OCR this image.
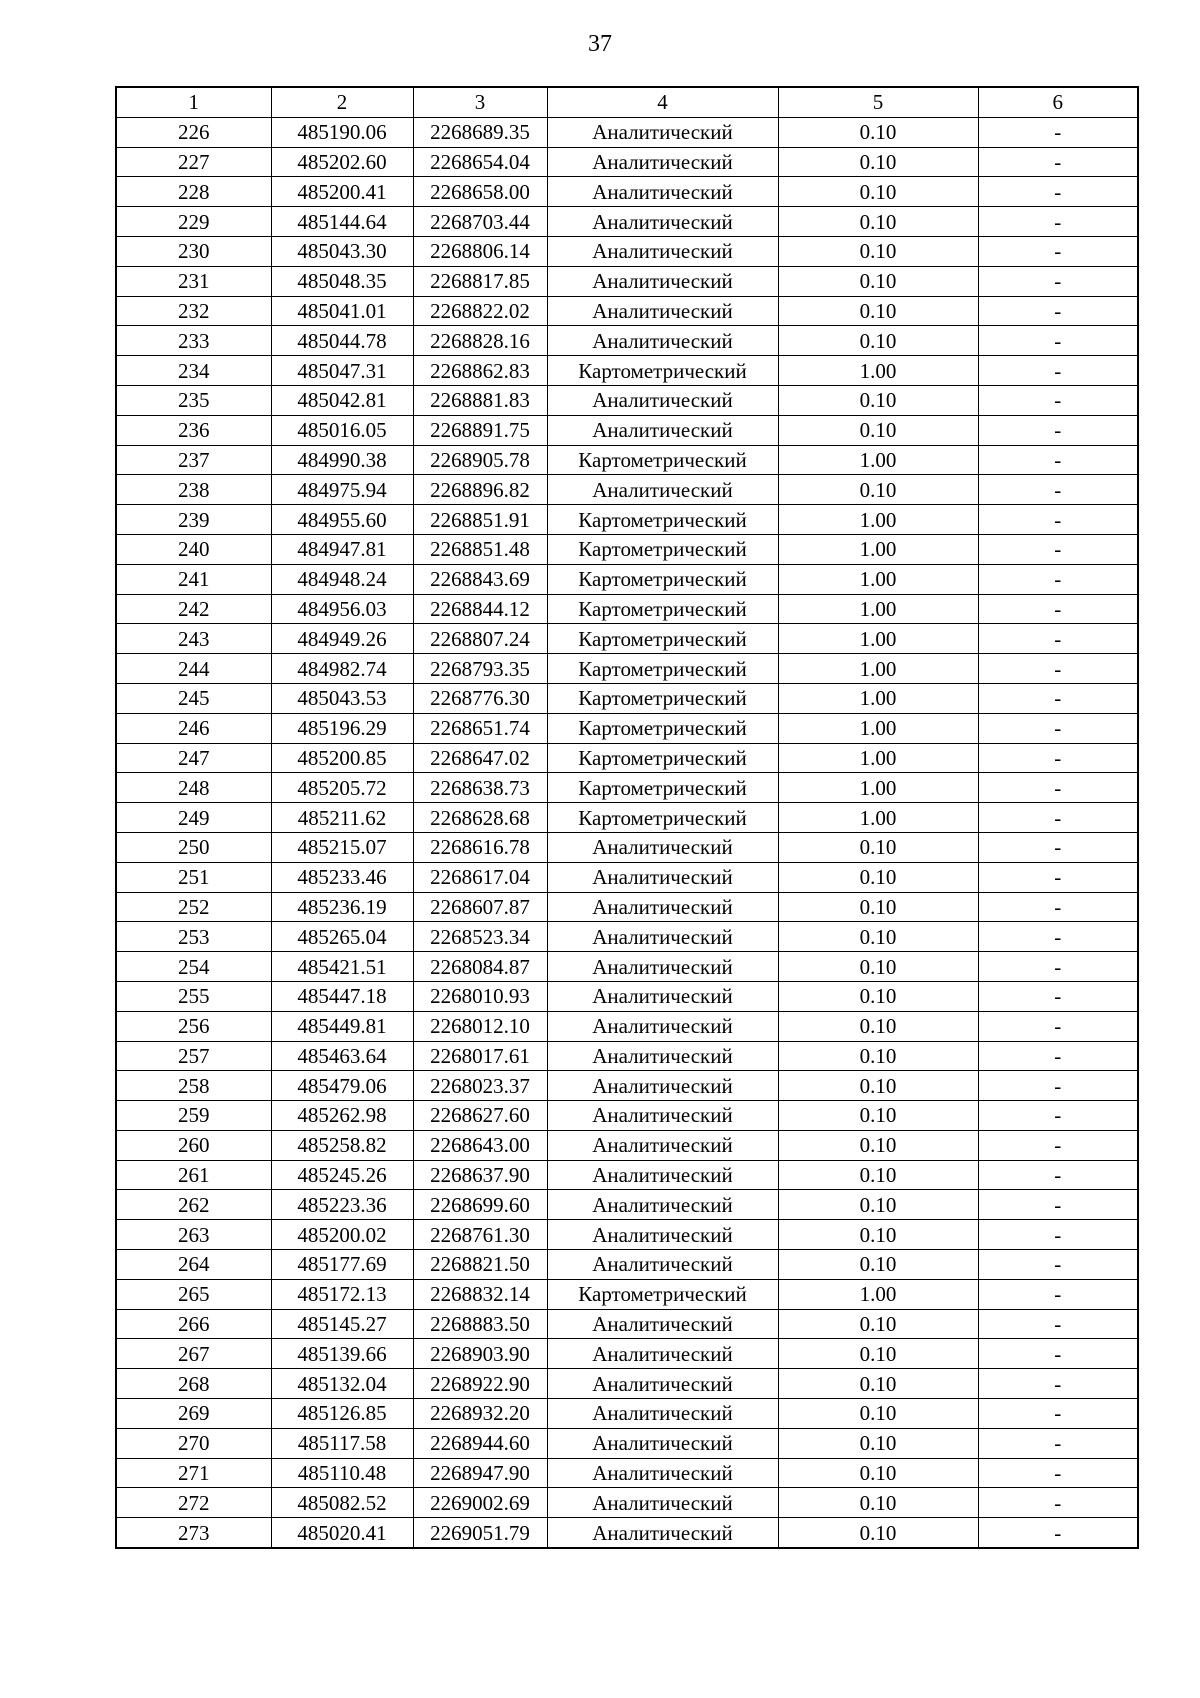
37
1	2	3	4	5	6
226	485190.06	2268689.35	Аналитический	0.10	-
227	485202.60	2268654.04	Аналитический	0.10	-
228	485200.41	2268658.00	Аналитический	0.10	-
229	485144.64	2268703.44	Аналитический	0.10	-
230	485043.30	2268806.14	Аналитический	0.10	-
231	485048.35	2268817.85	Аналитический	0.10	-
232	485041.01	2268822.02	Аналитический	0.10	-
233	485044.78	2268828.16	Аналитический	0.10	-
234	485047.31	2268862.83	Картометрический	1.00	-
235	485042.81	2268881.83	Аналитический	0.10	-
236	485016.05	2268891.75	Аналитический	0.10	-
237	484990.38	2268905.78	Картометрический	1.00	-
238	484975.94	2268896.82	Аналитический	0.10	-
239	484955.60	2268851.91	Картометрический	1.00	-
240	484947.81	2268851.48	Картометрический	1.00	-
241	484948.24	2268843.69	Картометрический	1.00	-
242	484956.03	2268844.12	Картометрический	1.00	-
243	484949.26	2268807.24	Картометрический	1.00	-
244	484982.74	2268793.35	Картометрический	1.00	-
245	485043.53	2268776.30	Картометрический	1.00	-
246	485196.29	2268651.74	Картометрический	1.00	-
247	485200.85	2268647.02	Картометрический	1.00	-
248	485205.72	2268638.73	Картометрический	1.00	-
249	485211.62	2268628.68	Картометрический	1.00	-
250	485215.07	2268616.78	Аналитический	0.10	-
251	485233.46	2268617.04	Аналитический	0.10	-
252	485236.19	2268607.87	Аналитический	0.10	-
253	485265.04	2268523.34	Аналитический	0.10	-
254	485421.51	2268084.87	Аналитический	0.10	-
255	485447.18	2268010.93	Аналитический	0.10	-
256	485449.81	2268012.10	Аналитический	0.10	-
257	485463.64	2268017.61	Аналитический	0.10	-
258	485479.06	2268023.37	Аналитический	0.10	-
259	485262.98	2268627.60	Аналитический	0.10	-
260	485258.82	2268643.00	Аналитический	0.10	-
261	485245.26	2268637.90	Аналитический	0.10	-
262	485223.36	2268699.60	Аналитический	0.10	-
263	485200.02	2268761.30	Аналитический	0.10	-
264	485177.69	2268821.50	Аналитический	0.10	-
265	485172.13	2268832.14	Картометрический	1.00	-
266	485145.27	2268883.50	Аналитический	0.10	-
267	485139.66	2268903.90	Аналитический	0.10	-
268	485132.04	2268922.90	Аналитический	0.10	-
269	485126.85	2268932.20	Аналитический	0.10	-
270	485117.58	2268944.60	Аналитический	0.10	-
271	485110.48	2268947.90	Аналитический	0.10	-
272	485082.52	2269002.69	Аналитический	0.10	-
273	485020.41	2269051.79	Аналитический	0.10	-
